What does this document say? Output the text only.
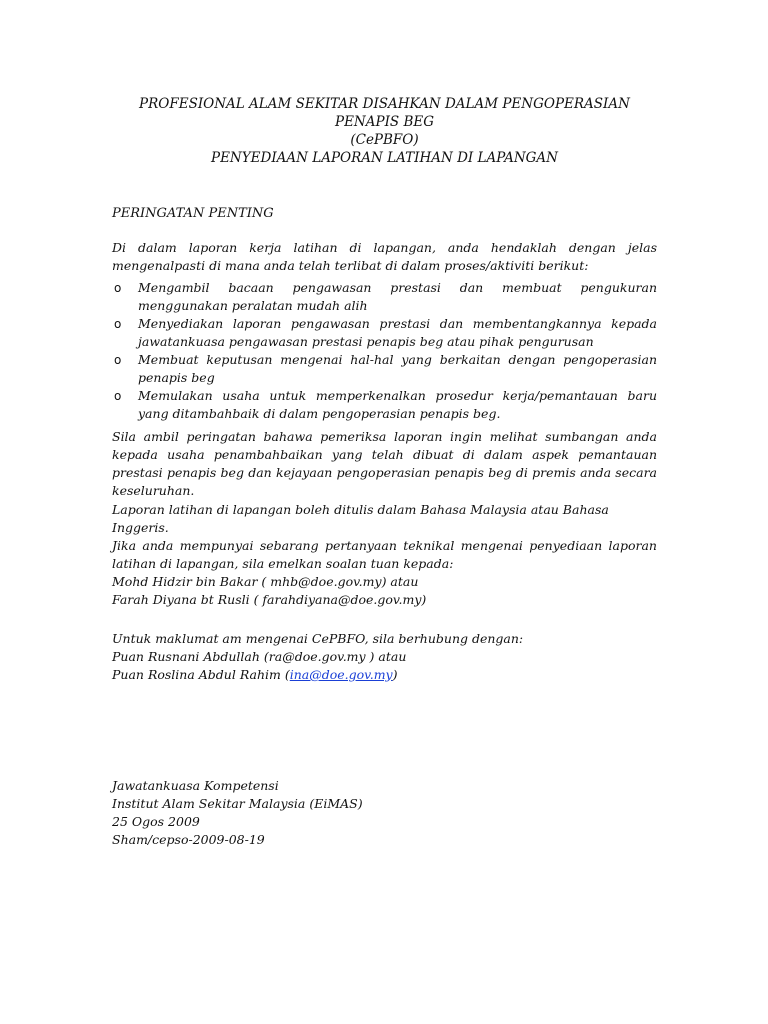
PROFESIONAL ALAM SEKITAR DISAHKAN DALAM PENGOPERASIAN PENAPIS BEG
(CePBFO)
PENYEDIAAN LAPORAN LATIHAN DI LAPANGAN
PERINGATAN PENTING
Di dalam laporan kerja latihan di lapangan, anda hendaklah dengan jelas mengenalpasti di mana anda telah terlibat di dalam proses/aktiviti berikut:
o Mengambil bacaan pengawasan prestasi dan membuat pengukuran menggunakan peralatan mudah alih
o Menyediakan laporan pengawasan prestasi dan membentangkannya kepada jawatankuasa pengawasan prestasi penapis beg atau pihak pengurusan
o Membuat keputusan mengenai hal-hal yang berkaitan dengan pengoperasian penapis beg
o Memulakan usaha untuk memperkenalkan prosedur kerja/pemantauan baru yang ditambahbaik di dalam pengoperasian penapis beg.
Sila ambil peringatan bahawa pemeriksa laporan ingin melihat sumbangan anda kepada usaha penambahbaikan yang telah dibuat di dalam aspek pemantauan prestasi penapis beg dan kejayaan pengoperasian penapis beg di premis anda secara keseluruhan.
Laporan latihan di lapangan boleh ditulis dalam Bahasa Malaysia atau Bahasa Inggeris.
Jika anda mempunyai sebarang pertanyaan teknikal mengenai penyediaan laporan latihan di lapangan, sila emelkan soalan tuan kepada:
Mohd Hidzir bin Bakar ( mhb@doe.gov.my) atau
Farah Diyana bt Rusli ( farahdiyana@doe.gov.my)
Untuk maklumat am mengenai CePBFO, sila berhubung dengan:
Puan Rusnani Abdullah (ra@doe.gov.my ) atau
Puan Roslina Abdul Rahim (ina@doe.gov.my)
Jawatankuasa Kompetensi
Institut Alam Sekitar Malaysia (EiMAS)
25 Ogos 2009
Sham/cepso-2009-08-19
